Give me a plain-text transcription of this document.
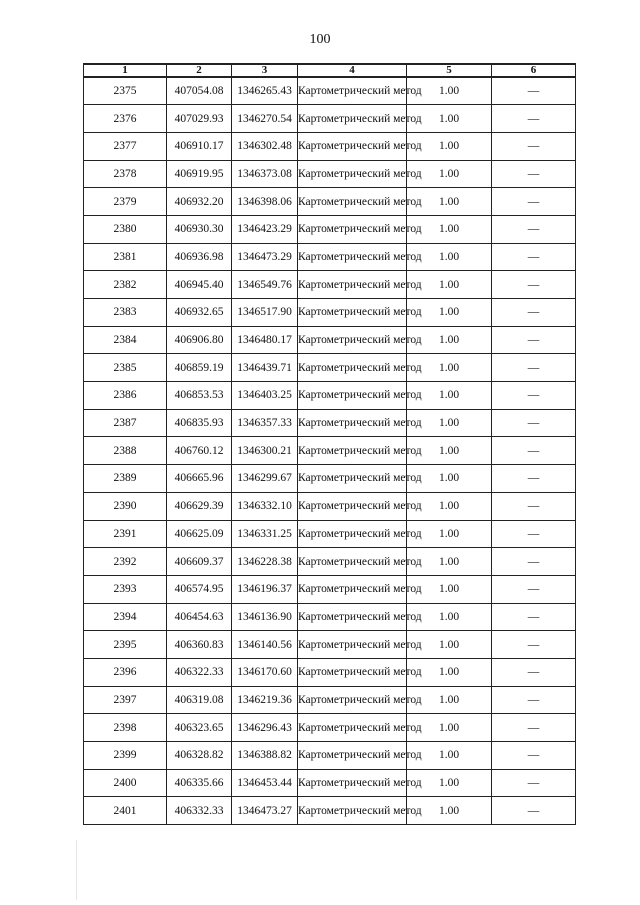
100
1	2	3	4	5	6
2375	407054.08	1346265.43	Картометрический метод	1.00	—
2376	407029.93	1346270.54	Картометрический метод	1.00	—
2377	406910.17	1346302.48	Картометрический метод	1.00	—
2378	406919.95	1346373.08	Картометрический метод	1.00	—
2379	406932.20	1346398.06	Картометрический метод	1.00	—
2380	406930.30	1346423.29	Картометрический метод	1.00	—
2381	406936.98	1346473.29	Картометрический метод	1.00	—
2382	406945.40	1346549.76	Картометрический метод	1.00	—
2383	406932.65	1346517.90	Картометрический метод	1.00	—
2384	406906.80	1346480.17	Картометрический метод	1.00	—
2385	406859.19	1346439.71	Картометрический метод	1.00	—
2386	406853.53	1346403.25	Картометрический метод	1.00	—
2387	406835.93	1346357.33	Картометрический метод	1.00	—
2388	406760.12	1346300.21	Картометрический метод	1.00	—
2389	406665.96	1346299.67	Картометрический метод	1.00	—
2390	406629.39	1346332.10	Картометрический метод	1.00	—
2391	406625.09	1346331.25	Картометрический метод	1.00	—
2392	406609.37	1346228.38	Картометрический метод	1.00	—
2393	406574.95	1346196.37	Картометрический метод	1.00	—
2394	406454.63	1346136.90	Картометрический метод	1.00	—
2395	406360.83	1346140.56	Картометрический метод	1.00	—
2396	406322.33	1346170.60	Картометрический метод	1.00	—
2397	406319.08	1346219.36	Картометрический метод	1.00	—
2398	406323.65	1346296.43	Картометрический метод	1.00	—
2399	406328.82	1346388.82	Картометрический метод	1.00	—
2400	406335.66	1346453.44	Картометрический метод	1.00	—
2401	406332.33	1346473.27	Картометрический метод	1.00	—
